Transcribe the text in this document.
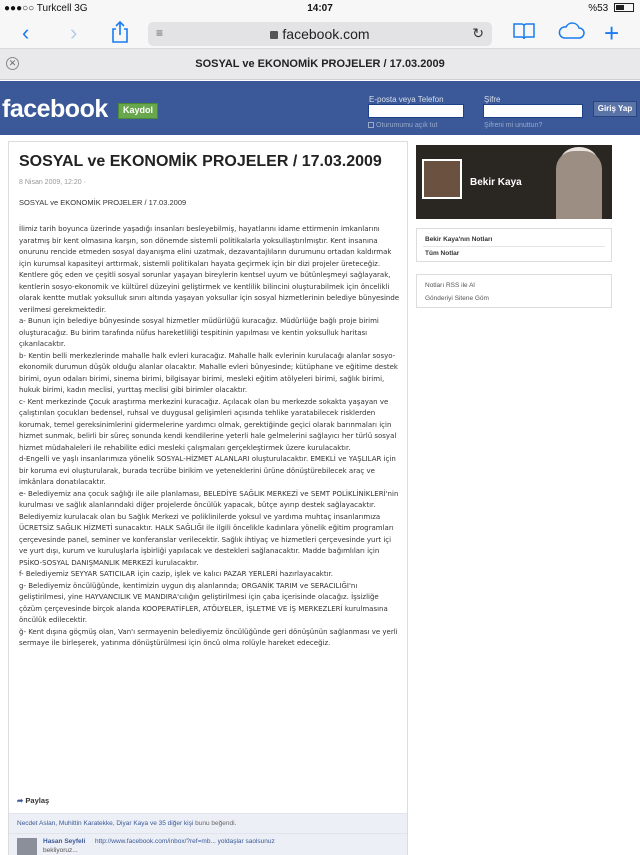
●●●○○ Turkcell 3G	14:07	%53
‹ ›	≡	facebook.com	↻	+
✕	SOSYAL ve EKONOMİK PROJELER / 17.03.2009
facebook	Kaydol
E-posta veya Telefon	Şifre
Giriş Yap
Oturumumu açık tut	Şifreni mi unuttun?
SOSYAL ve EKONOMİK PROJELER / 17.03.2009
8 Nisan 2009, 12:20 ·
SOSYAL ve EKONOMİK PROJELER / 17.03.2009

İlimiz tarih boyunca üzerinde yaşadığı insanları besleyebilmiş, hayatlarını idame ettirmenin imkanlarını yaratmış bir kent olmasına karşın, son dönemde sistemli politikalarla yoksullaştırılmıştır. Kent insanına onurunu rencide etmeden sosyal dayanışma elini uzatmak, dezavantajlıların durumunu ortadan kaldırmak için kurumsal kapasiteyi arttırmak, sistemli politikaları hayata geçirmek için bir dizi projeler üreteceğiz.

Kentlere göç eden ve çeşitli sosyal sorunlar yaşayan bireylerin kentsel uyum ve bütünleşmeyi sağlayarak, kentlerin sosyo-ekonomik ve kültürel düzeyini geliştirmek ve kentlilik bilincini oluşturabilmek için öncelikli olarak kentte mutlak yoksulluk sınırı altında yaşayan yoksullar için sosyal hizmetlerinin belediye bünyesinde verilmesi gerekmektedir.

a- Bunun için belediye bünyesinde sosyal hizmetler müdürlüğü kuracağız. Müdürlüğe bağlı proje birimi oluşturacağız. Bu birim tarafında nüfus hareketliliği tespitinin yapılması ve kentin yoksulluk haritası çıkarılacaktır.

b- Kentin belli merkezlerinde mahalle halk evleri kuracağız. Mahalle halk evlerinin kurulacağı alanlar sosyo-ekonomik durumun düşük olduğu alanlar olacaktır. Mahalle evleri bünyesinde; kütüphane ve eğitime destek birimi, oyun odaları birimi, sinema birimi, bilgisayar birimi, mesleki eğitim atölyeleri birimi, sağlık birimi, hukuk birimi, kadın meclisi, yurttaş meclisi gibi birimler olacaktır.

c- Kent merkezinde Çocuk araştırma merkezini kuracağız. Açılacak olan bu merkezde sokakta yaşayan ve çalıştırılan çocukları bedensel, ruhsal ve duygusal gelişimleri açısında tehlike yaratabilecek risklerden korumak, temel gereksinimlerini gidermelerine yardımcı olmak, gerektiğinde geçici olarak barınmaları için hizmet sunmak, belirli bir süreç sonunda kendi kendilerine yeterli hale gelmelerini sağlayıcı her türlü sosyal hizmet müdahaleleri ile rehabilite edici mesleki çalışmaları gerçekleştirmek üzere kurulacaktır.

d-Engelli ve yaşlı insanlarımıza yönelik SOSYAL-HİZMET ALANLARI oluşturulacaktır. EMEKLİ ve YAŞLILAR için bir koruma evi oluşturularak, burada tecrübe birikim ve yeteneklerini ürüne dönüştürebilecek araç ve imkânlara donatılacaktır.

e- Belediyemiz ana çocuk sağlığı ile aile planlaması, BELEDİYE SAĞLIK MERKEZİ ve SEMT POLİKLİNİKLERİ'nin kurulması ve sağlık alanlarındaki diğer projelerde öncülük yapacak, bütçe ayırıp destek sağlayacaktır. Belediyemiz kurulacak olan bu Sağlık Merkezi ve poliklinilerde yoksul ve yardıma muhtaç insanlarımıza ÜCRETSİZ SAĞLIK HİZMETİ sunacaktır. HALK SAĞLIĞI ile ilgili öncelikle kadınlara yönelik eğitim programları çerçevesinde panel, seminer ve konferanslar verilecektir. Sağlık ihtiyaç ve hizmetleri çerçevesinde yurt içi ve yurt dışı, kurum ve kuruluşlarla işbirliği yapılacak ve destekleri sağlanacaktır. Madde bağımlıları için PSİKO-SOSYAL DANIŞMANLIK MERKEZİ kurulacaktır.

f- Belediyemiz SEYYAR SATICILAR için cazip, işlek ve kalıcı PAZAR YERLERİ hazırlayacaktır.

g- Belediyemiz öncülüğünde, kentimizin uygun dış alanlarında; ORGANİK TARIM ve SERACILIĞI'nı geliştirilmesi, yine HAYVANCILIK VE MANDIRA'cılığın geliştirilmesi için çaba içerisinde olacağız. İşsizliğe çözüm çerçevesinde birçok alanda KOOPERATİFLER, ATÖLYELER, İŞLETME VE İŞ MERKEZLERİ kurulmasına öncülük edilecektir.

ğ- Kent dışına göçmüş olan, Van'ı sermayenin belediyemiz öncülüğünde geri dönüşünün sağlanması ve yerli sermaye ile birleşerek, yatırıma dönüştürülmesi için öncü olma rolüyle hareket edeceğiz.

➦ Paylaş
Necdet Aslan, Muhittin Karatekke, Diyar Kaya ve 35 diğer kişi bunu beğendi.
Hasan Seyfeli http://www.facebook.com/inbox/?ref=mb... yoldaşlar saolsunuz
bekliyoruz...
Bekir Kaya
Bekir Kaya'nın Notları
Tüm Notlar
Notları RSS ile Al
Gönderiyi Sitene Göm
